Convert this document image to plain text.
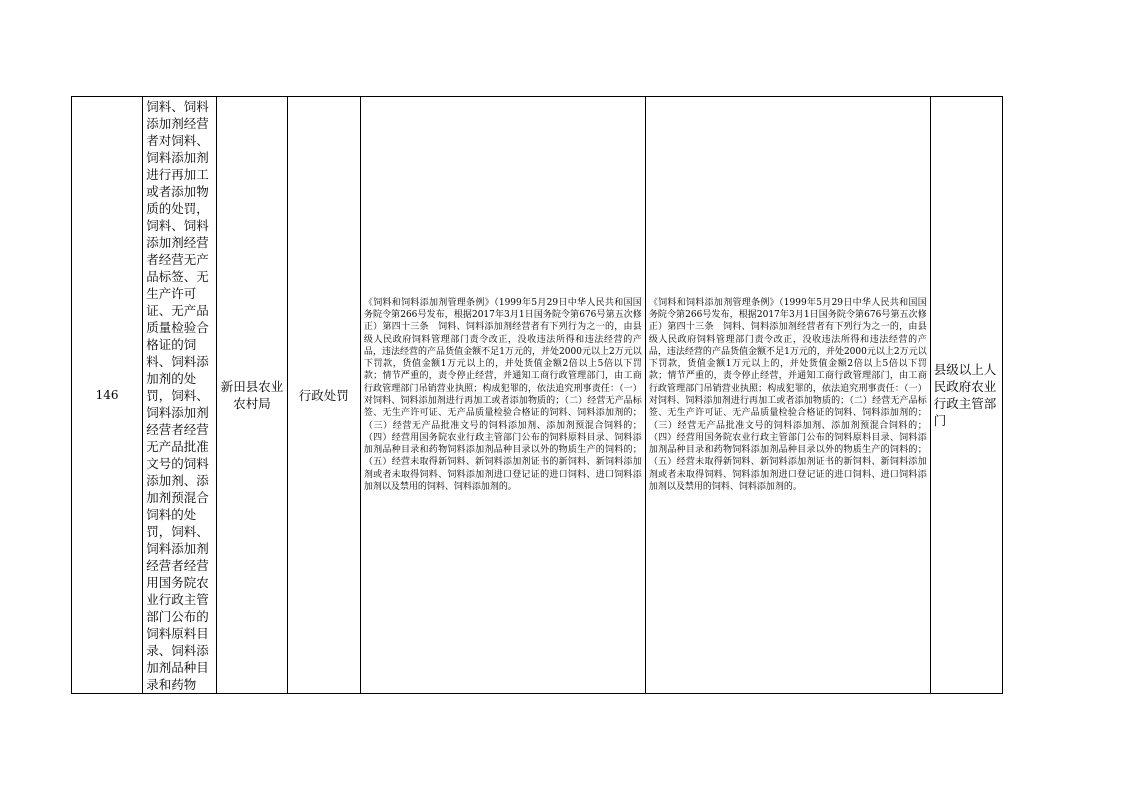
146	饲料、饲料添加剂经营者对饲料、饲料添加剂进行再加工或者添加物质的处罚，饲料、饲料添加剂经营者经营无产品标签、无生产许可证、无产品质量检验合格证的饲料、饲料添加剂的处罚，饲料、饲料添加剂经营者经营无产品批准文号的饲料添加剂、添加剂预混合饲料的处罚，饲料、饲料添加剂经营者经营用国务院农业行政主管部门公布的饲料原料目录、饲料添加剂品种目录和药物	新田县农业农村局	行政处罚	《饲料和饲料添加剂管理条例》（1999年5月29日中华人民共和国国务院令第266号发布，根据2017年3月1日国务院令第676号第五次修正）第四十三条　饲料、饲料添加剂经营者有下列行为之一的，由县级人民政府饲料管理部门责令改正，没收违法所得和违法经营的产品，违法经营的产品货值金额不足1万元的，并处2000元以上2万元以下罚款，货值金额1万元以上的，并处货值金额2倍以上5倍以下罚款；情节严重的，责令停止经营，并通知工商行政管理部门，由工商行政管理部门吊销营业执照；构成犯罪的，依法追究刑事责任：（一）对饲料、饲料添加剂进行再加工或者添加物质的；（二）经营无产品标签、无生产许可证、无产品质量检验合格证的饲料、饲料添加剂的；（三）经营无产品批准文号的饲料添加剂、添加剂预混合饲料的；（四）经营用国务院农业行政主管部门公布的饲料原料目录、饲料添加剂品种目录和药物饲料添加剂品种目录以外的物质生产的饲料的；（五）经营未取得新饲料、新饲料添加剂证书的新饲料、新饲料添加剂或者未取得饲料、饲料添加剂进口登记证的进口饲料、进口饲料添加剂以及禁用的饲料、饲料添加剂的。	《饲料和饲料添加剂管理条例》（1999年5月29日中华人民共和国国务院令第266号发布，根据2017年3月1日国务院令第676号第五次修正）第四十三条　饲料、饲料添加剂经营者有下列行为之一的，由县级人民政府饲料管理部门责令改正，没收违法所得和违法经营的产品，违法经营的产品货值金额不足1万元的，并处2000元以上2万元以下罚款，货值金额1万元以上的，并处货值金额2倍以上5倍以下罚款；情节严重的，责令停止经营，并通知工商行政管理部门，由工商行政管理部门吊销营业执照；构成犯罪的，依法追究刑事责任：（一）对饲料、饲料添加剂进行再加工或者添加物质的；（二）经营无产品标签、无生产许可证、无产品质量检验合格证的饲料、饲料添加剂的；（三）经营无产品批准文号的饲料添加剂、添加剂预混合饲料的；（四）经营用国务院农业行政主管部门公布的饲料原料目录、饲料添加剂品种目录和药物饲料添加剂品种目录以外的物质生产的饲料的；（五）经营未取得新饲料、新饲料添加剂证书的新饲料、新饲料添加剂或者未取得饲料、饲料添加剂进口登记证的进口饲料、进口饲料添加剂以及禁用的饲料、饲料添加剂的。	县级以上人民政府农业行政主管部门
